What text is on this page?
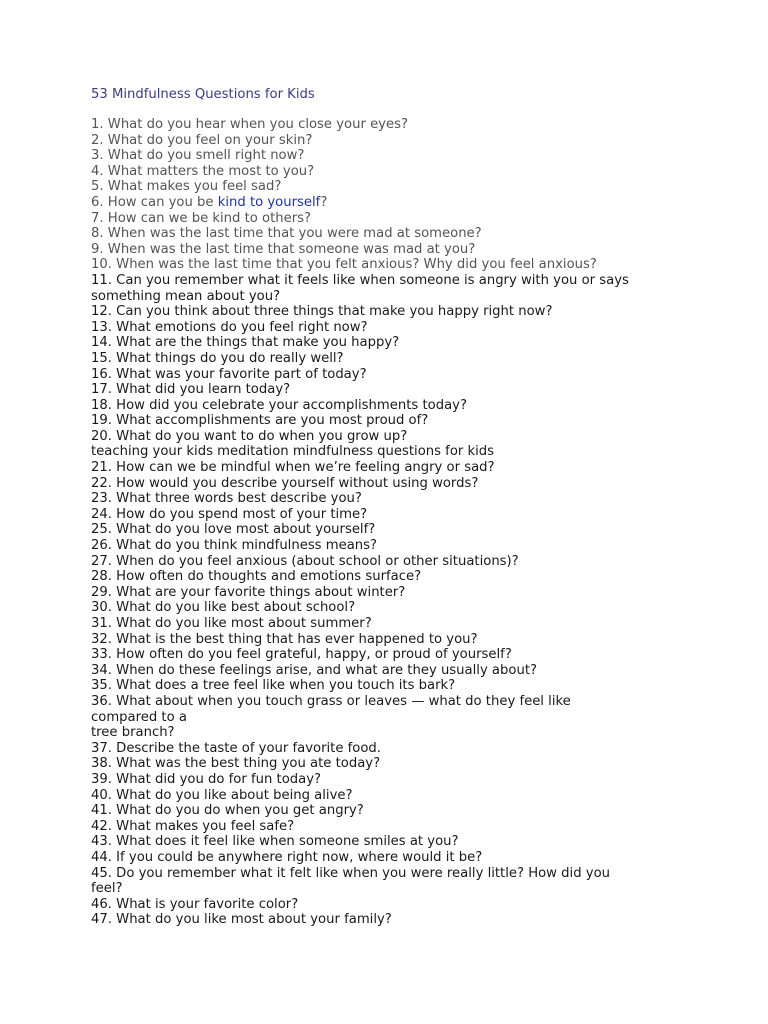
53 Mindfulness Questions for Kids

1. What do you hear when you close your eyes?

2. What do you feel on your skin?

3. What do you smell right now?

4. What matters the most to you?

5. What makes you feel sad?

6. How can you be kind to yourself?

7. How can we be kind to others?

8. When was the last time that you were mad at someone?

9. When was the last time that someone was mad at you?

10. When was the last time that you felt anxious? Why did you feel anxious?

11. Can you remember what it feels like when someone is angry with you or says
something mean about you?

12. Can you think about three things that make you happy right now?

13. What emotions do you feel right now?

14. What are the things that make you happy?

15. What things do you do really well?

16. What was your favorite part of today?

17. What did you learn today?

18. How did you celebrate your accomplishments today?

19. What accomplishments are you most proud of?

20. What do you want to do when you grow up?

teaching your kids meditation mindfulness questions for kids

21. How can we be mindful when we’re feeling angry or sad?

22. How would you describe yourself without using words?

23. What three words best describe you?

24. How do you spend most of your time?

25. What do you love most about yourself?

26. What do you think mindfulness means?

27. When do you feel anxious (about school or other situations)?

28. How often do thoughts and emotions surface?

29. What are your favorite things about winter?

30. What do you like best about school?

31. What do you like most about summer?

32. What is the best thing that has ever happened to you?

33. How often do you feel grateful, happy, or proud of yourself?

34. When do these feelings arise, and what are they usually about?

35. What does a tree feel like when you touch its bark?

36. What about when you touch grass or leaves — what do they feel like
compared to a
tree branch?

37. Describe the taste of your favorite food.

38. What was the best thing you ate today?

39. What did you do for fun today?

40. What do you like about being alive?

41. What do you do when you get angry?

42. What makes you feel safe?

43. What does it feel like when someone smiles at you?

44. If you could be anywhere right now, where would it be?

45. Do you remember what it felt like when you were really little? How did you
feel?

46. What is your favorite color?

47. What do you like most about your family?
